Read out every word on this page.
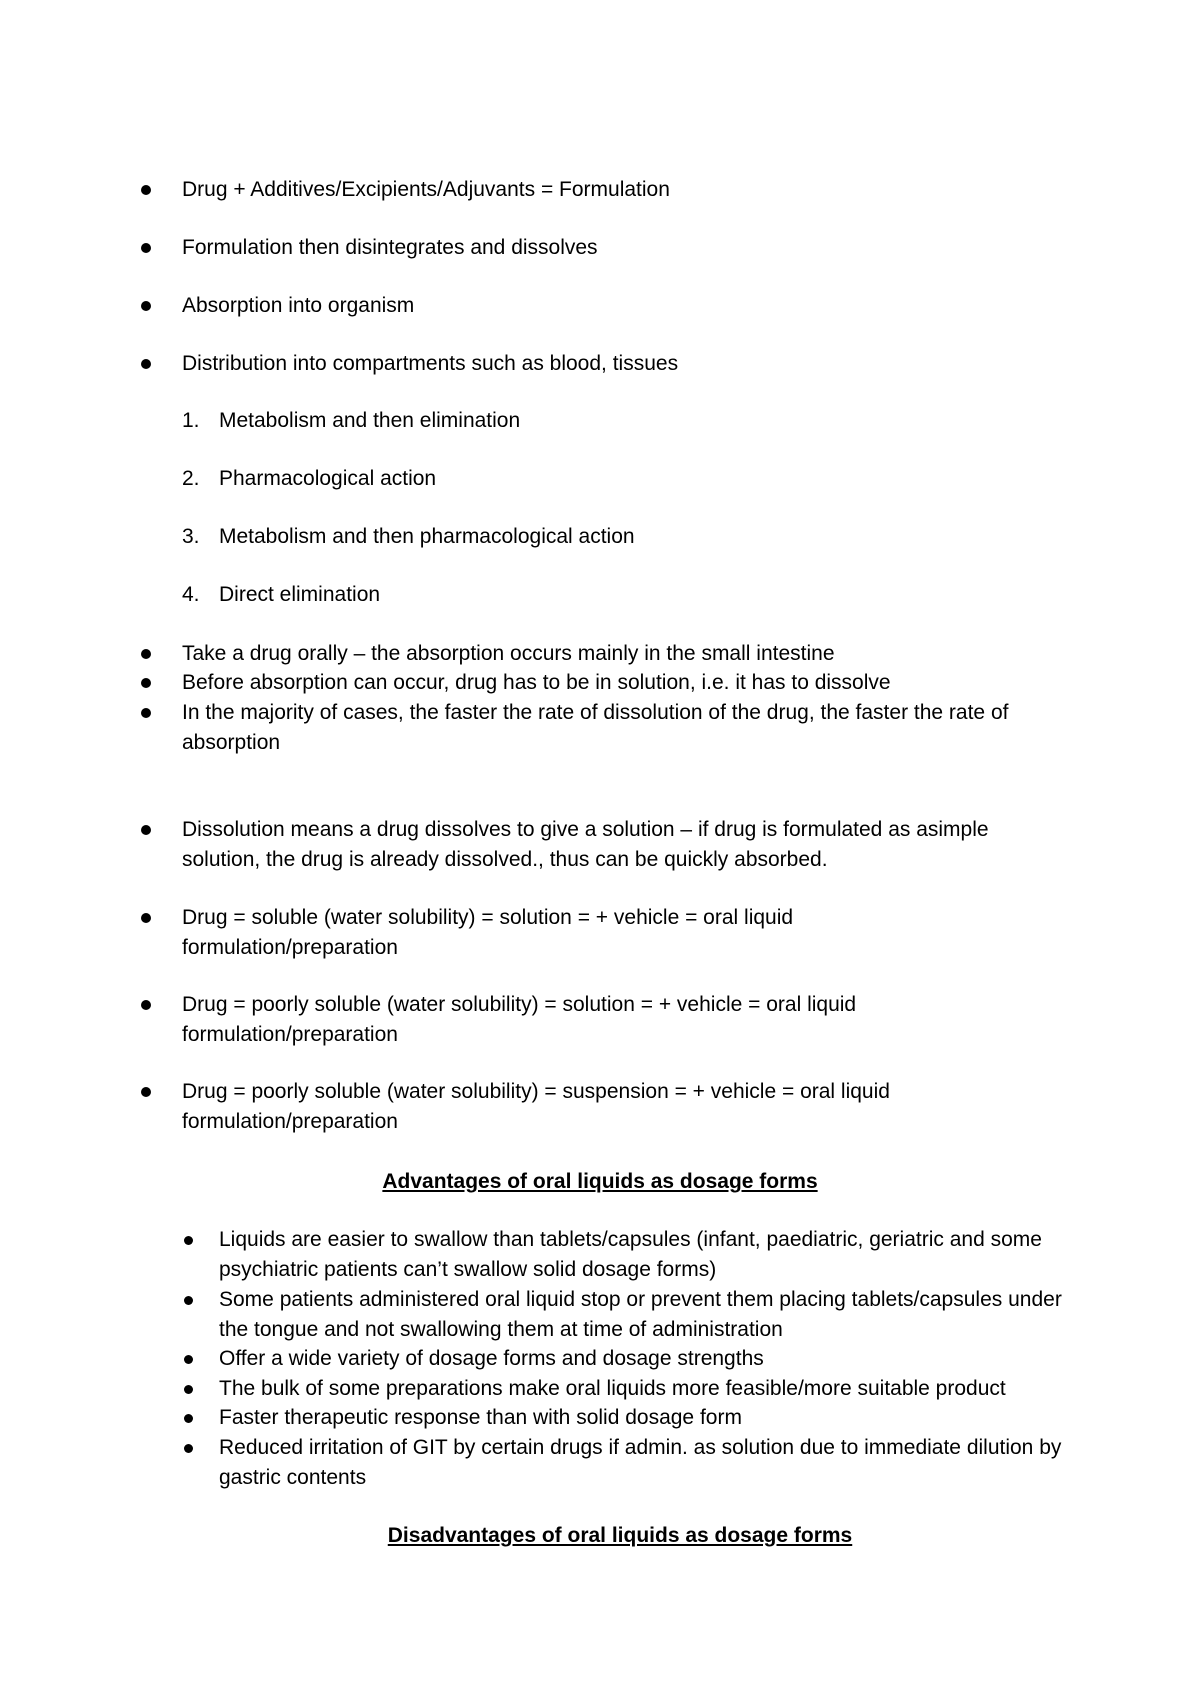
Drug + Additives/Excipients/Adjuvants = Formulation
Formulation then disintegrates and dissolves
Absorption into organism
Distribution into compartments such as blood, tissues
1. Metabolism and then elimination
2. Pharmacological action
3. Metabolism and then pharmacological action
4. Direct elimination
Take a drug orally – the absorption occurs mainly in the small intestine
Before absorption can occur, drug has to be in solution, i.e. it has to dissolve
In the majority of cases, the faster the rate of dissolution of the drug, the faster the rate of absorption
Dissolution means a drug dissolves to give a solution – if drug is formulated as asimple solution, the drug is already dissolved., thus can be quickly absorbed.
Drug = soluble (water solubility) = solution = + vehicle = oral liquid formulation/preparation
Drug = poorly soluble (water solubility) = solution = + vehicle = oral liquid formulation/preparation
Drug = poorly soluble (water solubility) = suspension = + vehicle = oral liquid formulation/preparation
Advantages of oral liquids as dosage forms
Liquids are easier to swallow than tablets/capsules (infant, paediatric, geriatric and some psychiatric patients can’t swallow solid dosage forms)
Some patients administered oral liquid stop or prevent them placing tablets/capsules under the tongue and not swallowing them at time of administration
Offer a wide variety of dosage forms and dosage strengths
The bulk of some preparations make oral liquids more feasible/more suitable product
Faster therapeutic response than with solid dosage form
Reduced irritation of GIT by certain drugs if admin. as solution due to immediate dilution by gastric contents
Disadvantages of oral liquids as dosage forms
